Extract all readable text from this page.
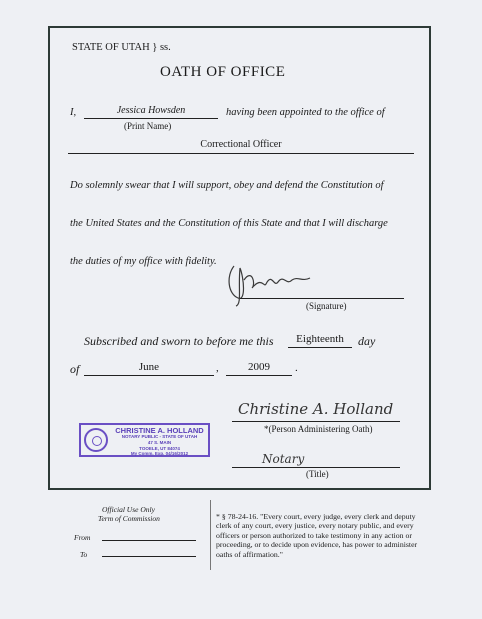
STATE OF UTAH } ss.
OATH OF OFFICE
I,	Jessica Howsden	having been appointed to the office of
(Print Name)
Correctional Officer
Do solemnly swear that I will support, obey and defend the Constitution of
the United States and the Constitution of this State and that I will discharge
the duties of my office with fidelity.
(Signature)
Subscribed and sworn to before me this	Eighteenth	day
of	June	,	2009	.
CHRISTINE A. HOLLAND
NOTARY PUBLIC - STATE OF UTAH
47 S. MAIN
TOOELE, UT 84074
My Comm. Exp. 04/16/2012
Christine A. Holland
*(Person Administering Oath)
Notary
(Title)
Official Use Only
Term of Commission
From
To
* § 78-24-16. "Every court, every judge, every clerk and deputy clerk of any court, every justice, every notary public, and every officers or person authorized to take testimony in any action or proceeding, or to decide upon evidence, has power to administer oaths of affirmation."
